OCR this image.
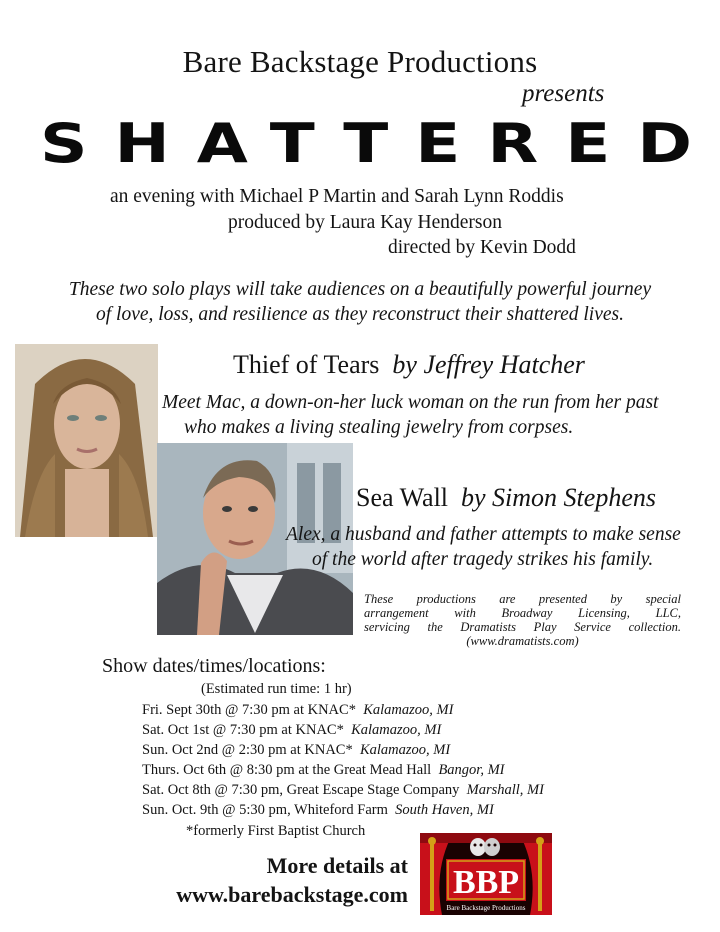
Bare Backstage Productions
presents
SHATTERED
an evening with Michael P Martin and Sarah Lynn Roddis
produced by Laura Kay Henderson
directed by Kevin Dodd
These two solo plays will take audiences on a beautifully powerful journey
of love, loss, and resilience as they reconstruct their shattered lives.
Thief of Tears by Jeffrey Hatcher
Meet Mac, a down-on-her luck woman on the run from her past
who makes a living stealing jewelry from corpses.
Sea Wall by Simon Stephens
Alex, a husband and father attempts to make sense
of the world after tragedy strikes his family.
These productions are presented by special
arrangement with Broadway Licensing, LLC,
servicing the Dramatists Play Service collection.
(www.dramatists.com)
Show dates/times/locations:
(Estimated run time: 1 hr)
Fri. Sept 30th @ 7:30 pm at KNAC* Kalamazoo, MI
Sat. Oct 1st @ 7:30 pm at KNAC* Kalamazoo, MI
Sun. Oct 2nd @ 2:30 pm at KNAC* Kalamazoo, MI
Thurs. Oct 6th @ 8:30 pm at the Great Mead Hall Bangor, MI
Sat. Oct 8th @ 7:30 pm, Great Escape Stage Company Marshall, MI
Sun. Oct. 9th @ 5:30 pm, Whiteford Farm South Haven, MI
*formerly First Baptist Church
More details at
www.barebackstage.com BBP
Bare Backstage Productions
